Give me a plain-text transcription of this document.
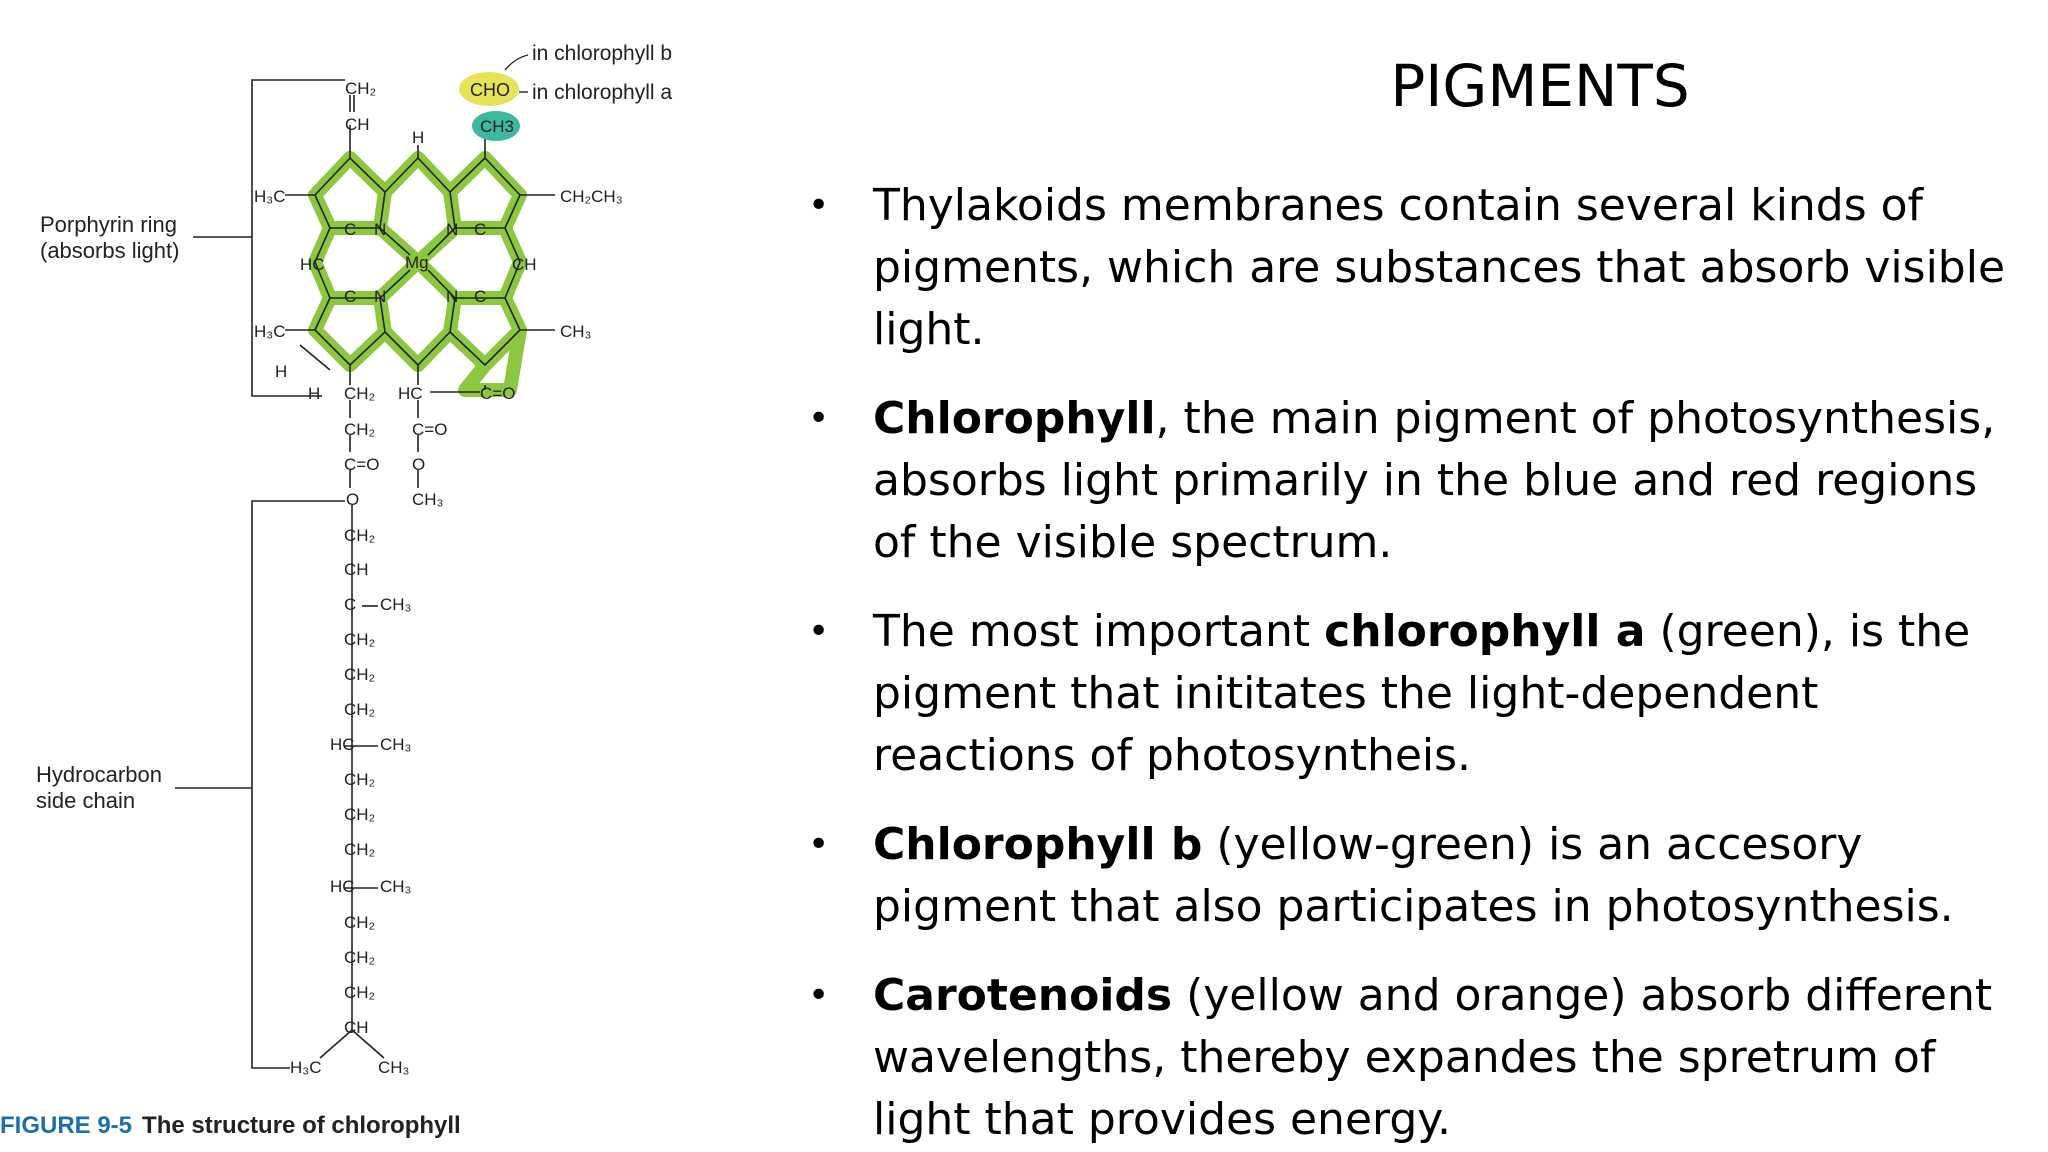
CHO
CH3
in chlorophyll b
in chlorophyll a
CH₂
CH
H
H₃C	CH₂CH₃
HC	CH
Mg
C N	N C
C N	N C
H₃C	CH₃
H
H CH₂ HC	C=O
CH₂ C=O
C=O O
O	CH₃
CH₂
CH
C CH₃
CH₂
CH₂
CH₂
HC CH₃
CH₂
CH₂
CH₂
HC CH₃
CH₂
CH₂
CH₂
CH
H₃C	CH₃
Porphyrin ring
(absorbs light)
Hydrocarbon
side chain
FIGURE 9-5 The structure of chlorophyll
PIGMENTS
• Thylakoids membranes contain several kinds of pigments, which are substances that absorb visible light.
• Chlorophyll, the main pigment of photosynthesis, absorbs light primarily in the blue and red regions of the visible spectrum.
• The most important chlorophyll a (green), is the pigment that inititates the light-dependent reactions of photosyntheis.
• Chlorophyll b (yellow-green) is an accesory pigment that also participates in photosynthesis.
• Carotenoids (yellow and orange) absorb different wavelengths, thereby expandes the spretrum of light that provides energy.
